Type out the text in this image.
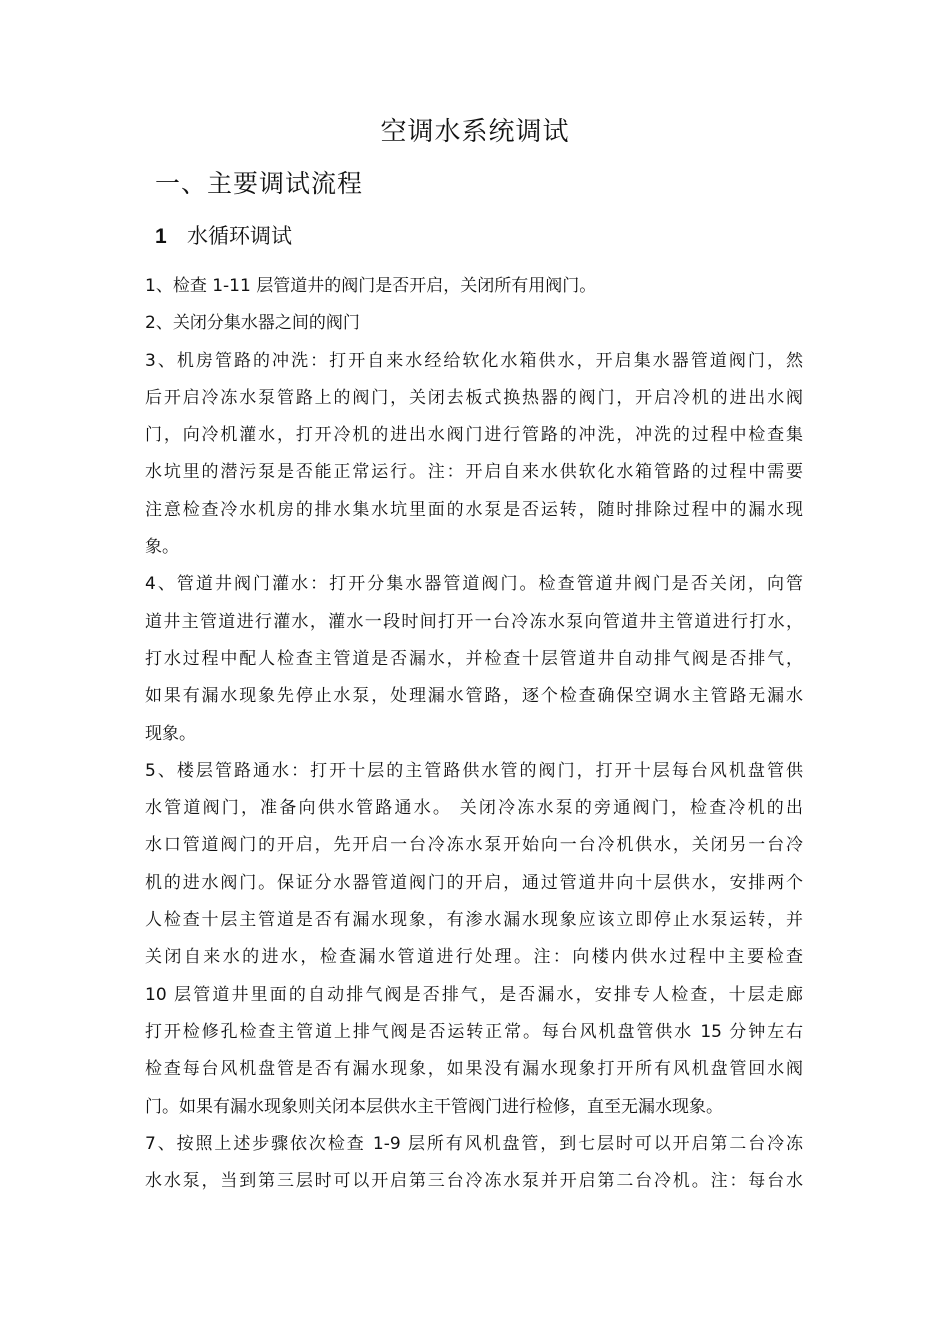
空调水系统调试
一、主要调试流程
1 水循环调试
1、检查 1-11 层管道井的阀门是否开启，关闭所有用阀门。
2、关闭分集水器之间的阀门
3、机房管路的冲洗：打开自来水经给软化水箱供水，开启集水器管道阀门，然
后开启冷冻水泵管路上的阀门，关闭去板式换热器的阀门，开启冷机的进出水阀
门，向冷机灌水，打开冷机的进出水阀门进行管路的冲洗，冲洗的过程中检查集
水坑里的潜污泵是否能正常运行。注：开启自来水供软化水箱管路的过程中需要
注意检查冷水机房的排水集水坑里面的水泵是否运转，随时排除过程中的漏水现
象。
4、管道井阀门灌水：打开分集水器管道阀门。检查管道井阀门是否关闭，向管
道井主管道进行灌水，灌水一段时间打开一台冷冻水泵向管道井主管道进行打水，
打水过程中配人检查主管道是否漏水，并检查十层管道井自动排气阀是否排气，
如果有漏水现象先停止水泵，处理漏水管路，逐个检查确保空调水主管路无漏水
现象。
5、楼层管路通水：打开十层的主管路供水管的阀门，打开十层每台风机盘管供
水管道阀门，准备向供水管路通水。 关闭冷冻水泵的旁通阀门，检查冷机的出
水口管道阀门的开启，先开启一台冷冻水泵开始向一台冷机供水，关闭另一台冷
机的进水阀门。保证分水器管道阀门的开启，通过管道井向十层供水，安排两个
人检查十层主管道是否有漏水现象，有渗水漏水现象应该立即停止水泵运转，并
关闭自来水的进水，检查漏水管道进行处理。注：向楼内供水过程中主要检查
10 层管道井里面的自动排气阀是否排气，是否漏水，安排专人检查，十层走廊
打开检修孔检查主管道上排气阀是否运转正常。每台风机盘管供水 15 分钟左右
检查每台风机盘管是否有漏水现象，如果没有漏水现象打开所有风机盘管回水阀
门。如果有漏水现象则关闭本层供水主干管阀门进行检修，直至无漏水现象。
7、按照上述步骤依次检查 1-9 层所有风机盘管，到七层时可以开启第二台冷冻
水水泵，当到第三层时可以开启第三台冷冻水泵并开启第二台冷机。注：每台水
